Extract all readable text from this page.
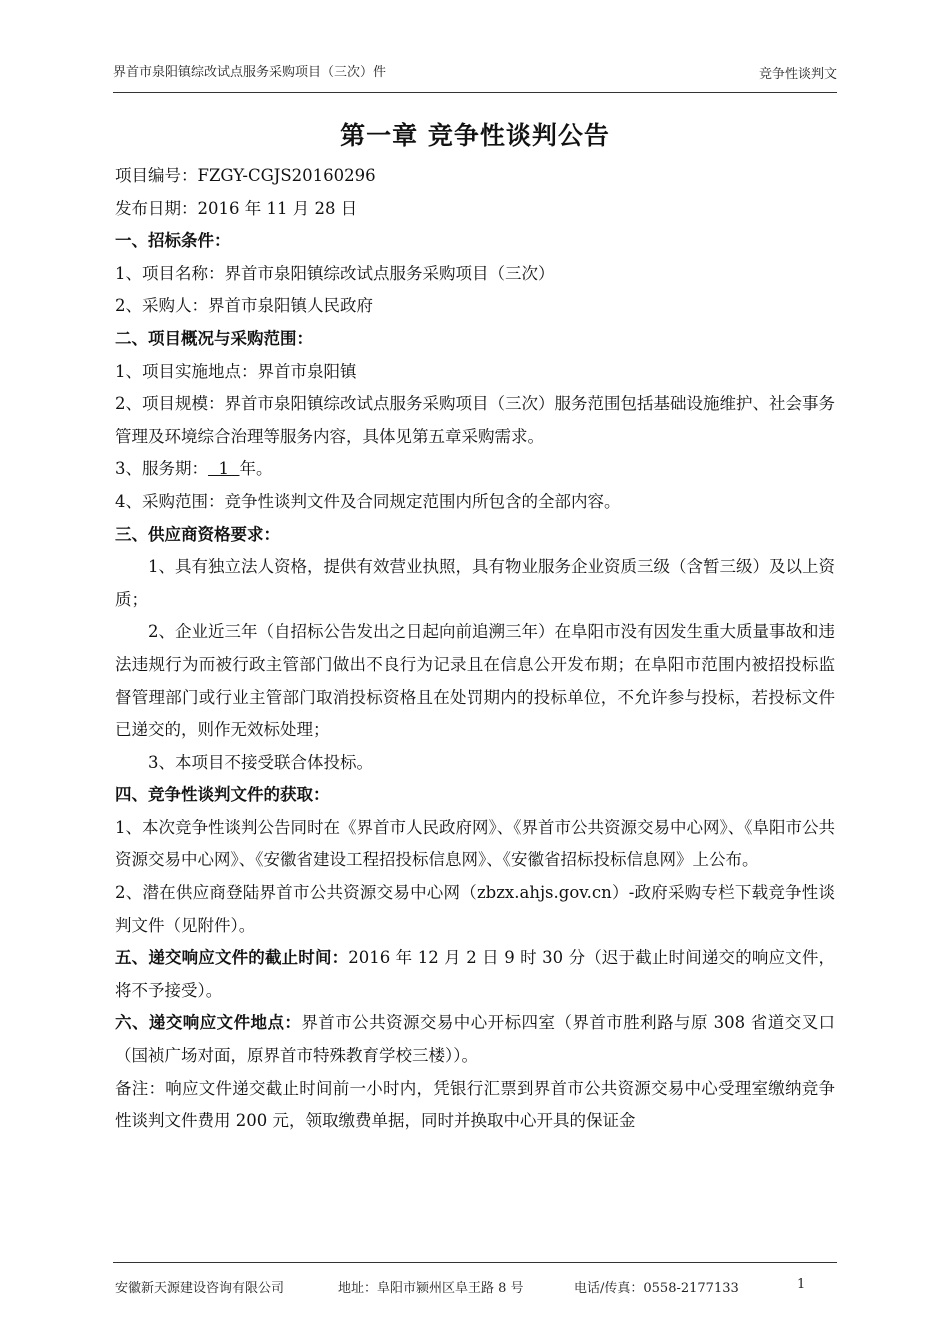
界首市泉阳镇综改试点服务采购项目（三次）件	竞争性谈判文
第一章 竞争性谈判公告

项目编号：FZGY-CGJS20160296

发布日期：2016 年 11 月 28 日

一、招标条件：

1、项目名称：界首市泉阳镇综改试点服务采购项目（三次）

2、采购人：界首市泉阳镇人民政府

二、项目概况与采购范围：

1、项目实施地点：界首市泉阳镇

2、项目规模：界首市泉阳镇综改试点服务采购项目（三次）服务范围包括基础设施维护、社会事务管理及环境综合治理等服务内容，具体见第五章采购需求。

3、服务期：  1  年。

4、采购范围：竞争性谈判文件及合同规定范围内所包含的全部内容。

三、供应商资格要求：

1、具有独立法人资格，提供有效营业执照，具有物业服务企业资质三级（含暂三级）及以上资质；

2、企业近三年（自招标公告发出之日起向前追溯三年）在阜阳市没有因发生重大质量事故和违法违规行为而被行政主管部门做出不良行为记录且在信息公开发布期；在阜阳市范围内被招投标监督管理部门或行业主管部门取消投标资格且在处罚期内的投标单位，不允许参与投标，若投标文件已递交的，则作无效标处理；

3、本项目不接受联合体投标。

四、竞争性谈判文件的获取：

1、本次竞争性谈判公告同时在《界首市人民政府网》、《界首市公共资源交易中心网》、《阜阳市公共资源交易中心网》、《安徽省建设工程招投标信息网》、《安徽省招标投标信息网》上公布。

2、潜在供应商登陆界首市公共资源交易中心网（zbzx.ahjs.gov.cn）-政府采购专栏下载竞争性谈判文件（见附件）。

五、递交响应文件的截止时间：2016 年 12 月 2 日 9 时 30 分（迟于截止时间递交的响应文件，将不予接受）。

六、递交响应文件地点：界首市公共资源交易中心开标四室（界首市胜利路与原 308 省道交叉口（国祯广场对面，原界首市特殊教育学校三楼））。

备注：响应文件递交截止时间前一小时内，凭银行汇票到界首市公共资源交易中心受理室缴纳竞争性谈判文件费用 200 元，领取缴费单据，同时并换取中心开具的保证金

安徽新天源建设咨询有限公司	地址：阜阳市颍州区阜王路 8 号	电话/传真：0558-2177133	1
